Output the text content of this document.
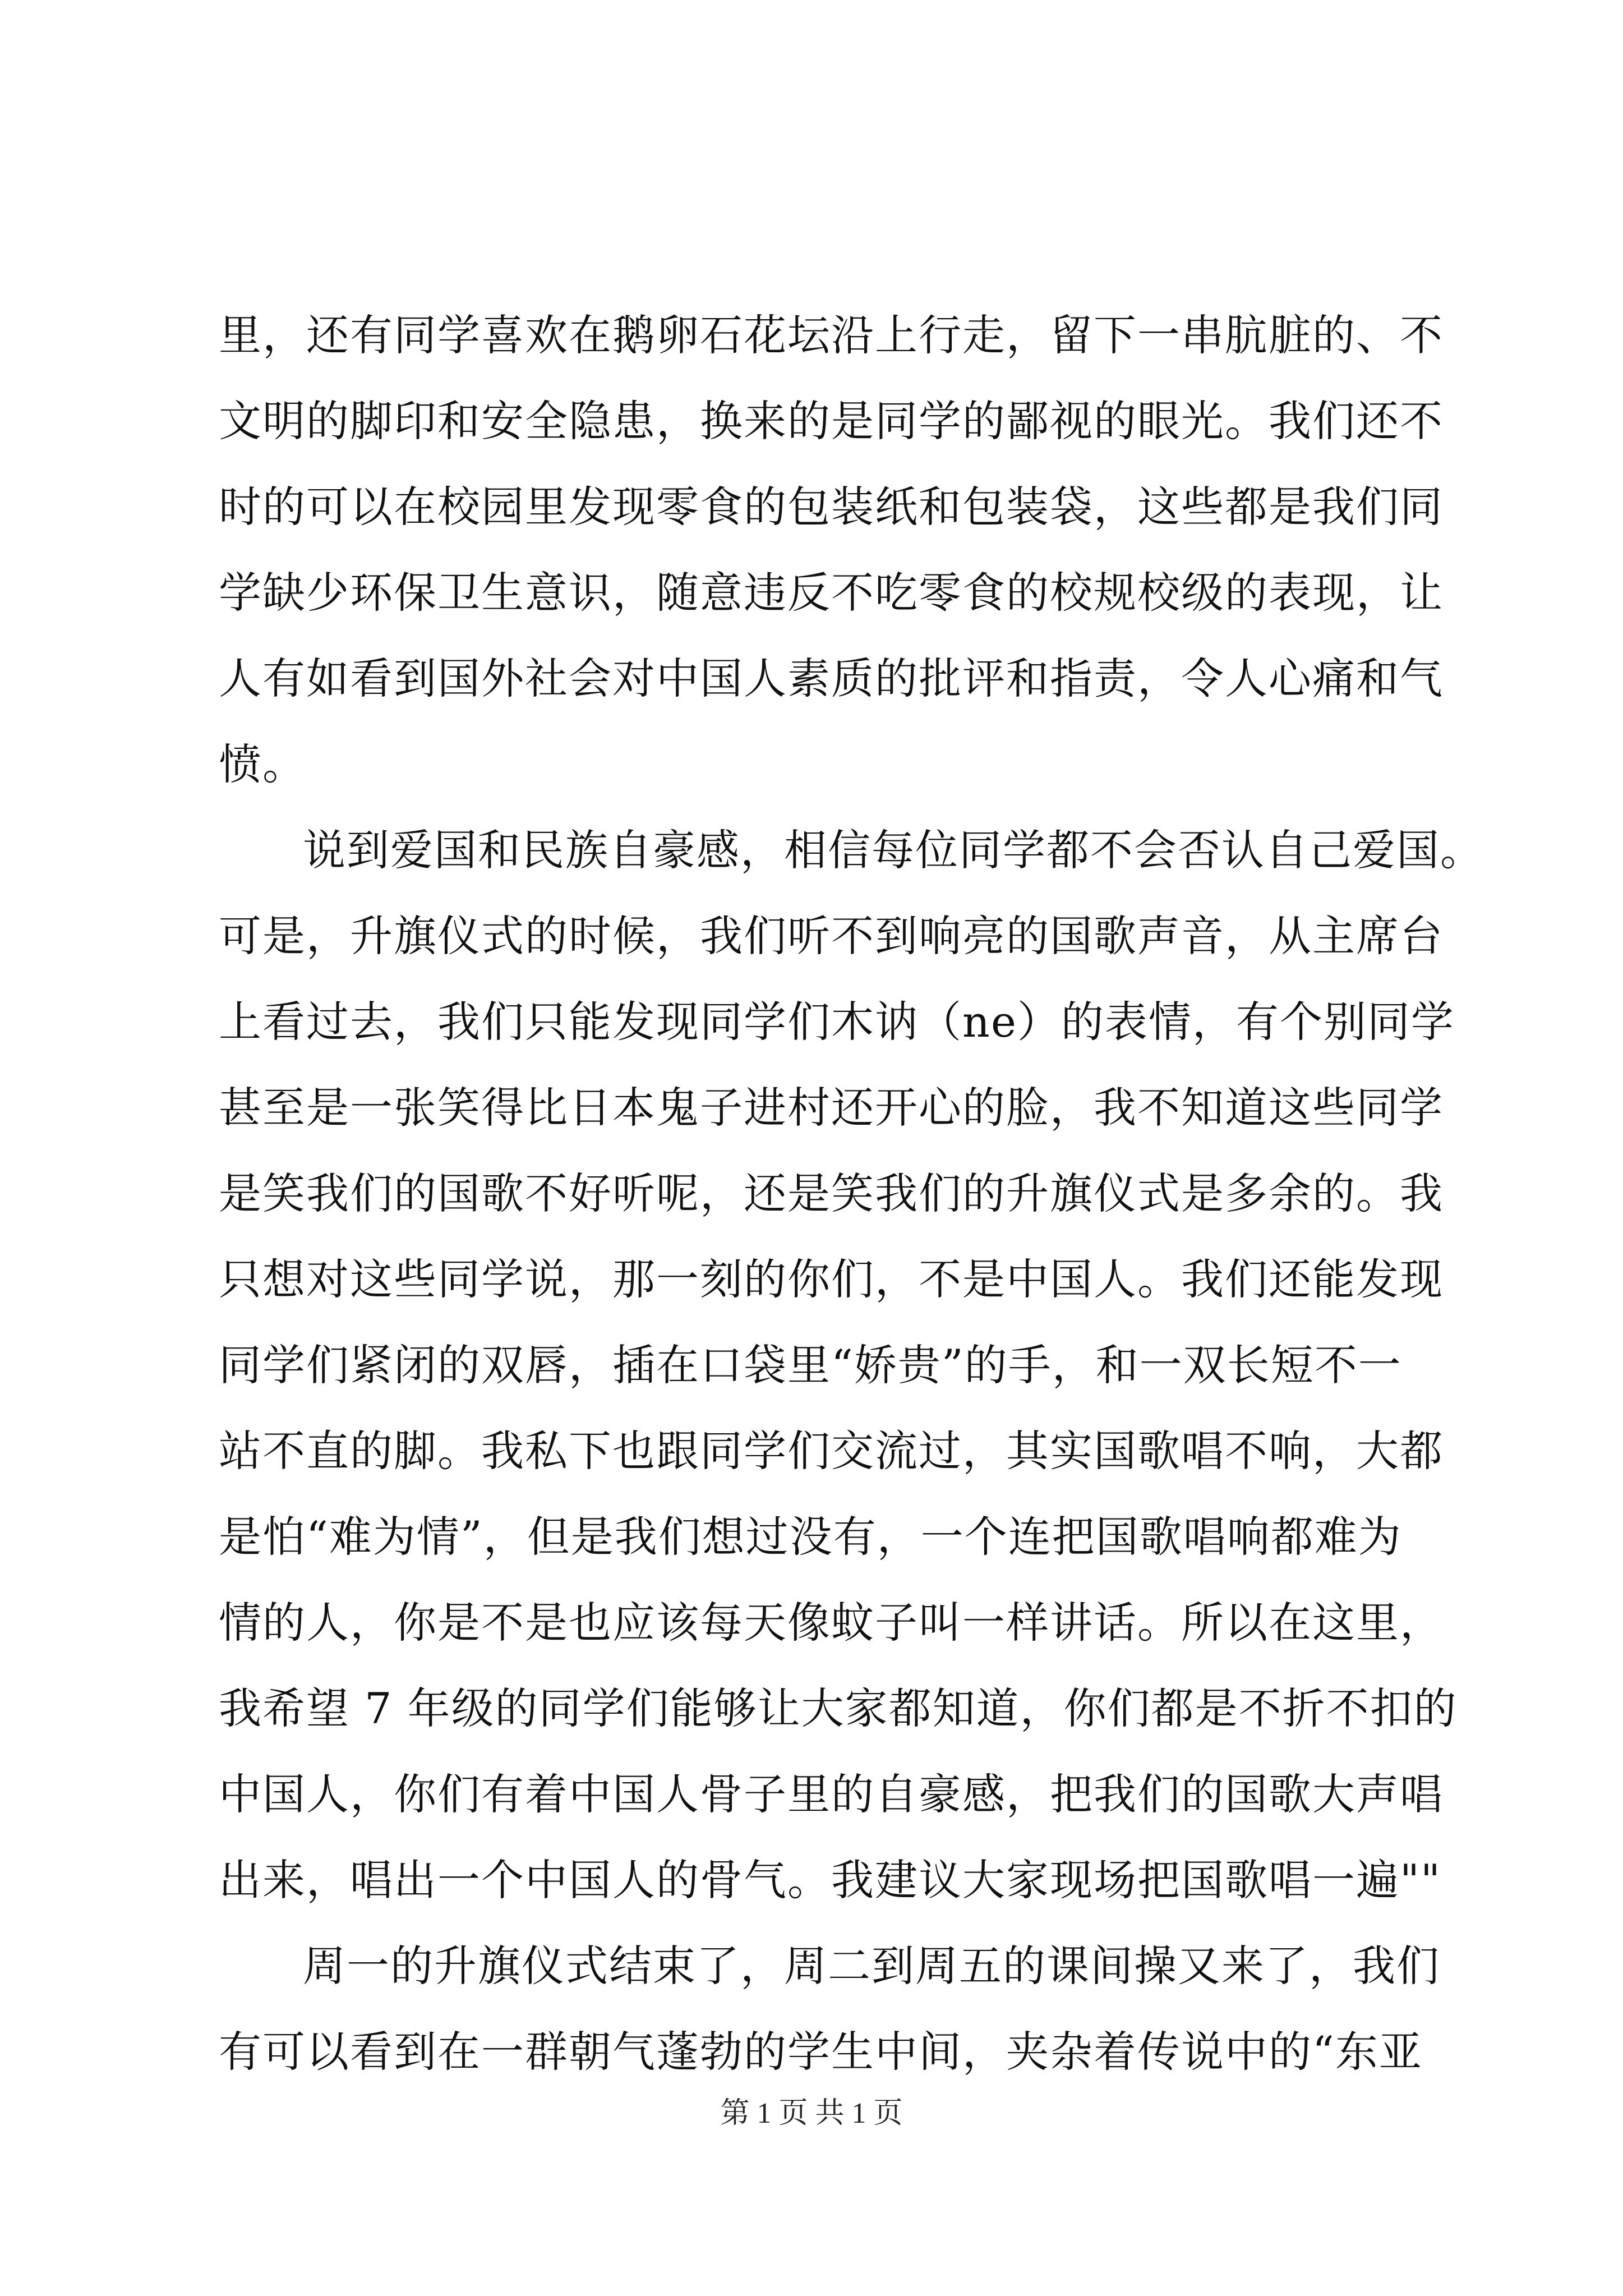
里，还有同学喜欢在鹅卵石花坛沿上行走，留下一串肮脏的、不
文明的脚印和安全隐患，换来的是同学的鄙视的眼光。我们还不
时的可以在校园里发现零食的包装纸和包装袋，这些都是我们同
学缺少环保卫生意识，随意违反不吃零食的校规校级的表现，让
人有如看到国外社会对中国人素质的批评和指责，令人心痛和气
愤。
说到爱国和民族自豪感，相信每位同学都不会否认自己爱国。
可是，升旗仪式的时候，我们听不到响亮的国歌声音，从主席台
上看过去，我们只能发现同学们木讷（ne）的表情，有个别同学
甚至是一张笑得比日本鬼子进村还开心的脸，我不知道这些同学
是笑我们的国歌不好听呢，还是笑我们的升旗仪式是多余的。我
只想对这些同学说，那一刻的你们，不是中国人。我们还能发现
同学们紧闭的双唇，插在口袋里“娇贵”的手，和一双长短不一
站不直的脚。我私下也跟同学们交流过，其实国歌唱不响，大都
是怕“难为情”，但是我们想过没有，一个连把国歌唱响都难为
情的人，你是不是也应该每天像蚊子叫一样讲话。所以在这里，
我希望 7 年级的同学们能够让大家都知道，你们都是不折不扣的
中国人，你们有着中国人骨子里的自豪感，把我们的国歌大声唱
出来，唱出一个中国人的骨气。我建议大家现场把国歌唱一遍""
周一的升旗仪式结束了，周二到周五的课间操又来了，我们
有可以看到在一群朝气蓬勃的学生中间，夹杂着传说中的“东亚
第 1 页 共 1 页
